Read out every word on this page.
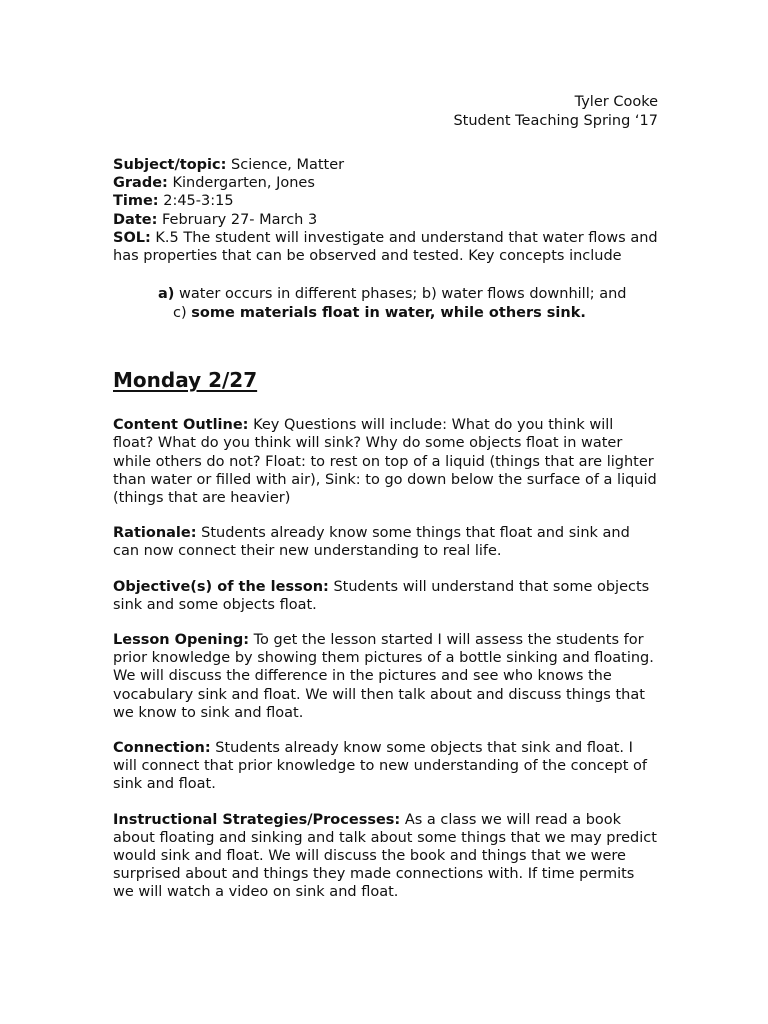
Tyler Cooke
Student Teaching Spring ‘17
Subject/topic: Science, Matter
Grade: Kindergarten, Jones
Time: 2:45-3:15
Date: February 27- March 3
SOL: K.5 The student will investigate and understand that water flows and has properties that can be observed and tested. Key concepts include
a) water occurs in different phases; b) water flows downhill; and
c) some materials float in water, while others sink.
Monday 2/27
Content Outline: Key Questions will include: What do you think will float? What do you think will sink? Why do some objects float in water while others do not? Float: to rest on top of a liquid (things that are lighter than water or filled with air), Sink: to go down below the surface of a liquid (things that are heavier)
Rationale: Students already know some things that float and sink and can now connect their new understanding to real life.
Objective(s) of the lesson: Students will understand that some objects sink and some objects float.
Lesson Opening: To get the lesson started I will assess the students for prior knowledge by showing them pictures of a bottle sinking and floating. We will discuss the difference in the pictures and see who knows the vocabulary sink and float. We will then talk about and discuss things that we know to sink and float.
Connection: Students already know some objects that sink and float. I will connect that prior knowledge to new understanding of the concept of sink and float.
Instructional Strategies/Processes: As a class we will read a book about floating and sinking and talk about some things that we may predict would sink and float. We will discuss the book and things that we were surprised about and things they made connections with. If time permits we will watch a video on sink and float.
